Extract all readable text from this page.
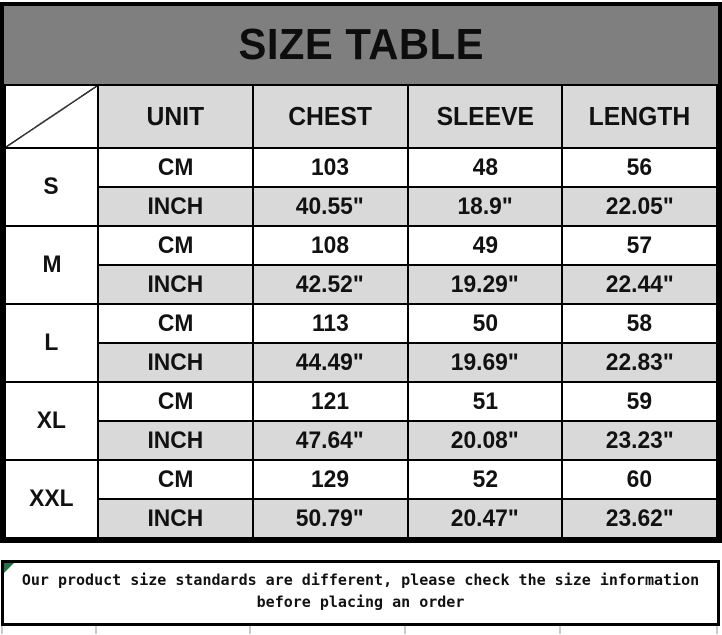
SIZE TABLE
	UNIT	CHEST	SLEEVE	LENGTH
S	CM	103	48	56
	INCH	40.55"	18.9"	22.05"
M	CM	108	49	57
	INCH	42.52"	19.29"	22.44"
L	CM	113	50	58
	INCH	44.49"	19.69"	22.83"
XL	CM	121	51	59
	INCH	47.64"	20.08"	23.23"
XXL	CM	129	52	60
	INCH	50.79"	20.47"	23.62"
Our product size standards are different, please check the size information
before placing an order
